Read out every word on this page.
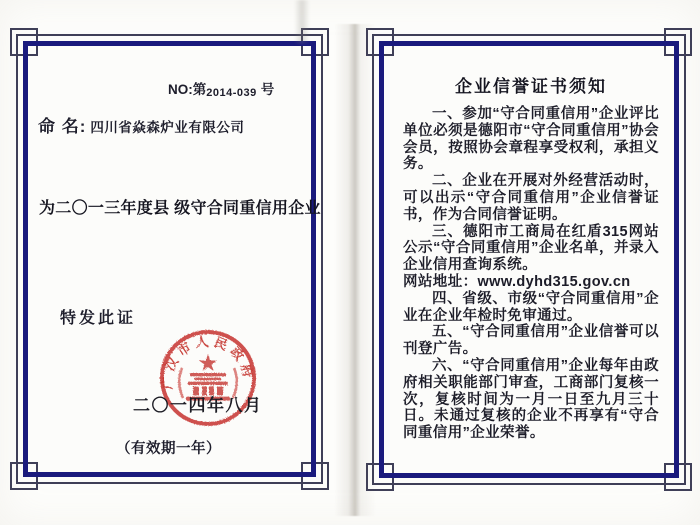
NO:第2014-039 号
命 名: 四川省焱森炉业有限公司
为二〇一三年度县 级守合同重信用企业
特发此证
广汉市人民政府
二〇一四年八月
（有效期一年）
企业信誉证书须知

一、参加“守合同重信用”企业评比单位必须是德阳市“守合同重信用”协会会员，按照协会章程享受权利，承担义务。

二、企业在开展对外经营活动时，可以出示“守合同重信用”企业信誉证书，作为合同信誉证明。

三、德阳市工商局在红盾315网站公示“守合同重信用”企业名单，并录入企业信用查询系统。

网站地址：www.dyhd315.gov.cn

四、省级、市级“守合同重信用”企业在企业年检时免审通过。

五、“守合同重信用”企业信誉可以刊登广告。

六、“守合同重信用”企业每年由政府相关职能部门审查，工商部门复核一次，复核时间为一月一日至九月三十日。未通过复核的企业不再享有“守合同重信用”企业荣誉。
